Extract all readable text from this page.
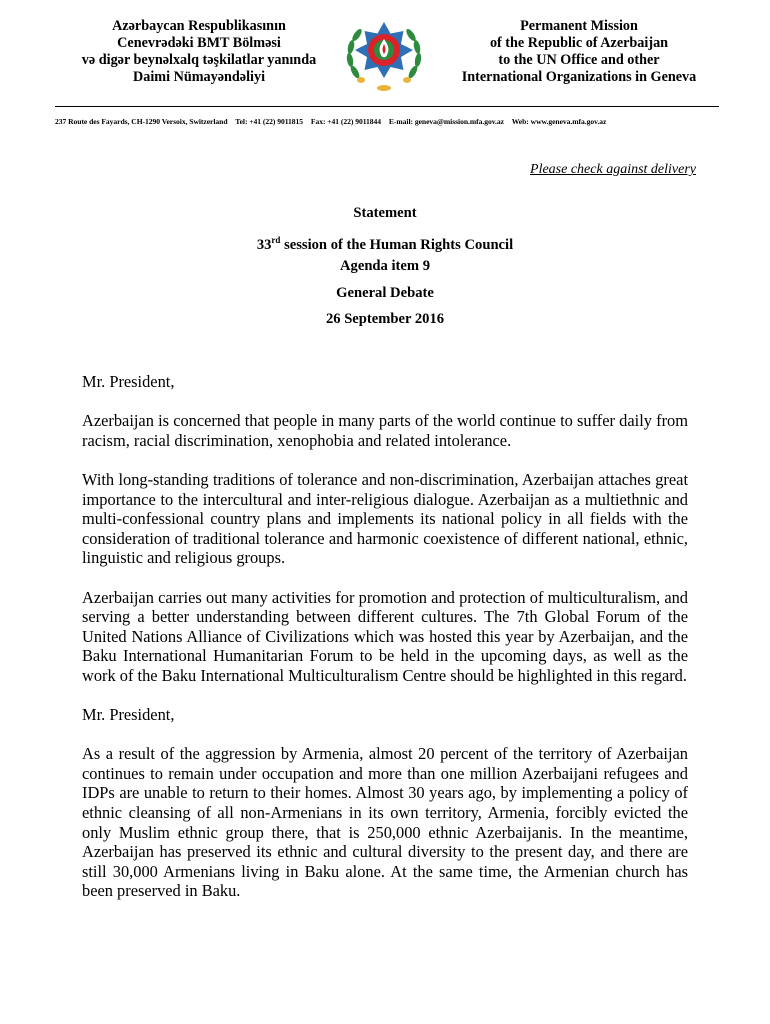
Azərbaycan Respublikasının
Cenevrədəki BMT Bölməsi
və digər beynəlxalq təşkilatlar yanında
Daimi Nümayəndəliyi
Permanent Mission
of the Republic of Azerbaijan
to the UN Office and other
International Organizations in Geneva
237 Route des Fayards, CH-1290 Versoix, Switzerland Tel: +41 (22) 9011815 Fax: +41 (22) 9011844 E-mail: geneva@mission.mfa.gov.az Web: www.geneva.mfa.gov.az
Please check against delivery
Statement
33rd session of the Human Rights Council
Agenda item 9
General Debate
26 September 2016

Mr. President,

Azerbaijan is concerned that people in many parts of the world continue to suffer daily from racism, racial discrimination, xenophobia and related intolerance.

With long-standing traditions of tolerance and non-discrimination, Azerbaijan attaches great importance to the intercultural and inter-religious dialogue. Azerbaijan as a multiethnic and multi-confessional country plans and implements its national policy in all fields with the consideration of traditional tolerance and harmonic coexistence of different national, ethnic, linguistic and religious groups.

Azerbaijan carries out many activities for promotion and protection of multiculturalism, and serving a better understanding between different cultures. The 7th Global Forum of the United Nations Alliance of Civilizations which was hosted this year by Azerbaijan, and the Baku International Humanitarian Forum to be held in the upcoming days, as well as the work of the Baku International Multiculturalism Centre should be highlighted in this regard.

Mr. President,

As a result of the aggression by Armenia, almost 20 percent of the territory of Azerbaijan continues to remain under occupation and more than one million Azerbaijani refugees and IDPs are unable to return to their homes. Almost 30 years ago, by implementing a policy of ethnic cleansing of all non-Armenians in its own territory, Armenia, forcibly evicted the only Muslim ethnic group there, that is 250,000 ethnic Azerbaijanis. In the meantime, Azerbaijan has preserved its ethnic and cultural diversity to the present day, and there are still 30,000 Armenians living in Baku alone. At the same time, the Armenian church has been preserved in Baku.
